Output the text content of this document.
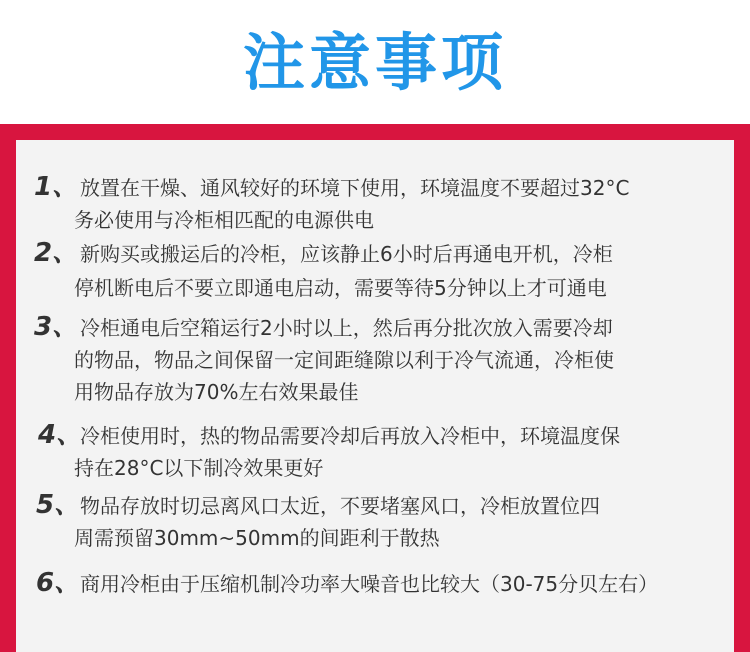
注意事项
1、 放置在干燥、通风较好的环境下使用，环境温度不要超过32°C
务必使用与冷柜相匹配的电源供电
2、 新购买或搬运后的冷柜，应该静止6小时后再通电开机，冷柜
停机断电后不要立即通电启动，需要等待5分钟以上才可通电
3、 冷柜通电后空箱运行2小时以上，然后再分批次放入需要冷却
的物品，物品之间保留一定间距缝隙以利于冷气流通，冷柜使
用物品存放为70%左右效果最佳
4、
冷柜使用时，热的物品需要冷却后再放入冷柜中，环境温度保
持在28°C以下制冷效果更好
5、 物品存放时切忌离风口太近，不要堵塞风口，冷柜放置位四
周需预留30mm~50mm的间距利于散热
6、 商用冷柜由于压缩机制冷功率大噪音也比较大（30-75分贝左右）
